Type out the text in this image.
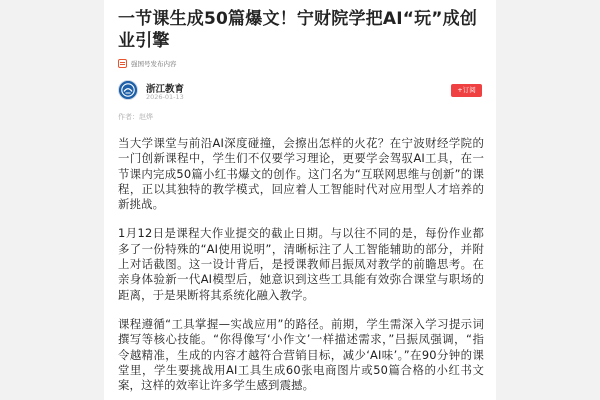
一节课生成50篇爆文！宁财院学把AI“玩”成创业引擎
强国号发布内容
浙江教育
2026-01-13
+订阅
作者：赵烨

当大学课堂与前沿AI深度碰撞，会擦出怎样的火花？在宁波财经学院的一门创新课程中，学生们不仅要学习理论，更要学会驾驭AI工具，在一节课内完成50篇小红书爆文的创作。这门名为“互联网思维与创新”的课程，正以其独特的教学模式，回应着人工智能时代对应用型人才培养的新挑战。

1月12日是课程大作业提交的截止日期。与以往不同的是，每份作业都多了一份特殊的“AI使用说明”，清晰标注了人工智能辅助的部分，并附上对话截图。这一设计背后，是授课教师吕振凤对教学的前瞻思考。在亲身体验新一代AI模型后，她意识到这些工具能有效弥合课堂与职场的距离，于是果断将其系统化融入教学。

课程遵循“工具掌握—实战应用”的路径。前期，学生需深入学习提示词撰写等核心技能。“你得像写‘小作文’一样描述需求，”吕振凤强调，“指令越精准，生成的内容才越符合营销目标，减少‘AI味’。”在90分钟的课堂里，学生要挑战用AI工具生成60张电商图片或50篇合格的小红书文案，这样的效率让许多学生感到震撼。
